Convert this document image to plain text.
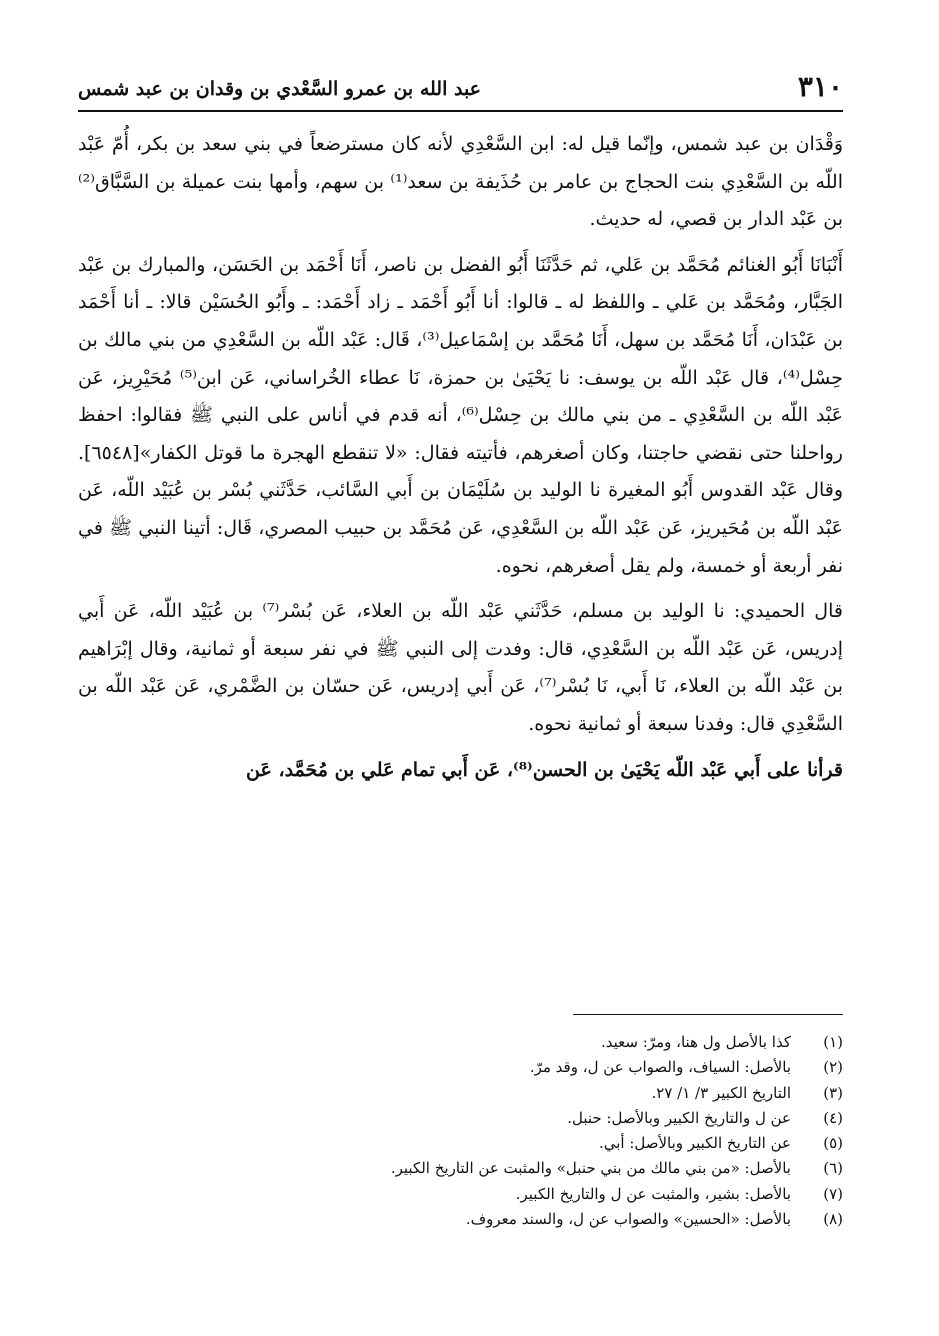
٣١٠
عبد الله بن عمرو السَّعْدي بن وقدان بن عبد شمس

وَقْدَان بن عبد شمس، وإنّما قيل له: ابن السَّعْدِي لأنه كان مسترضعاً في بني سعد بن بكر، أُمّ عَبْد اللّه بن السَّعْدِي بنت الحجاج بن عامر بن حُذَيفة بن سعد⁽¹⁾ بن سهم، وأمها بنت عميلة بن السَّبَّاق⁽²⁾ بن عَبْد الدار بن قصي، له حديث.

أَنْبَانَا أَبُو الغنائم مُحَمَّد بن عَلي، ثم حَدَّثَنَا أَبُو الفضل بن ناصر، أَنَا أَحْمَد بن الحَسَن، والمبارك بن عَبْد الجَبَّار، ومُحَمَّد بن عَلي ـ واللفظ له ـ قالوا: أنا أَبُو أَحْمَد ـ زاد أَحْمَد: ـ وأَبُو الحُسَيْن قالا: ـ أنا أَحْمَد بن عَبْدَان، أَنَا مُحَمَّد بن سهل، أَنَا مُحَمَّد بن إسْمَاعيل⁽³⁾، قَال: عَبْد اللّه بن السَّعْدِي من بني مالك بن حِسْل⁽⁴⁾، قال عَبْد اللّه بن يوسف: نا يَحْيَىٰ بن حمزة، نَا عطاء الخُراساني، عَن ابن⁽⁵⁾ مُحَيْرِيز، عَن عَبْد اللّه بن السَّعْدِي ـ من بني مالك بن حِسْل⁽⁶⁾، أنه قدم في أناس على النبي ﷺ فقالوا: احفظ رواحلنا حتى نقضي حاجتنا، وكان أصغرهم، فأتيته فقال: «لا تنقطع الهجرة ما قوتل الكفار»[٦٥٤٨]. وقال عَبْد القدوس أَبُو المغيرة نا الوليد بن سُلَيْمَان بن أَبي السَّائب، حَدَّثَني بُسْر بن عُبَيْد اللّه، عَن عَبْد اللّه بن مُحَيريز، عَن عَبْد اللّه بن السَّعْدِي، عَن مُحَمَّد بن حبيب المصري، قَال: أتينا النبي ﷺ في نفر أربعة أو خمسة، ولم يقل أصغرهم، نحوه.

قال الحميدي: نا الوليد بن مسلم، حَدَّثَني عَبْد اللّه بن العلاء، عَن بُسْر⁽⁷⁾ بن عُبَيْد اللّه، عَن أَبي إدريس، عَن عَبْد اللّه بن السَّعْدِي، قال: وفدت إلى النبي ﷺ في نفر سبعة أو ثمانية، وقال إبْرَاهيم بن عَبْد اللّه بن العلاء، نَا أَبي، نَا بُسْر⁽⁷⁾، عَن أَبي إدريس، عَن حسّان بن الضَّمْري، عَن عَبْد اللّه بن السَّعْدِي قال: وفدنا سبعة أو ثمانية نحوه.

قرأنا على أَبي عَبْد اللّه يَحْيَىٰ بن الحسن⁽⁸⁾، عَن أَبي تمام عَلي بن مُحَمَّد، عَن

(١)
كذا بالأصل ول هنا، ومرّ: سعيد.
(٢)
بالأصل: السياف، والصواب عن ل، وقد مرّ.
(٣)
التاريخ الكبير ٣/ ١/ ٢٧.
(٤)
عن ل والتاريخ الكبير وبالأصل: حنبل.
(٥)
عن التاريخ الكبير وبالأصل: أبي.
(٦)
بالأصل: «من بني مالك من بني حنبل» والمثبت عن التاريخ الكبير.
(٧)
بالأصل: بشير، والمثبت عن ل والتاريخ الكبير.
(٨)
بالأصل: «الحسين» والصواب عن ل، والسند معروف.
